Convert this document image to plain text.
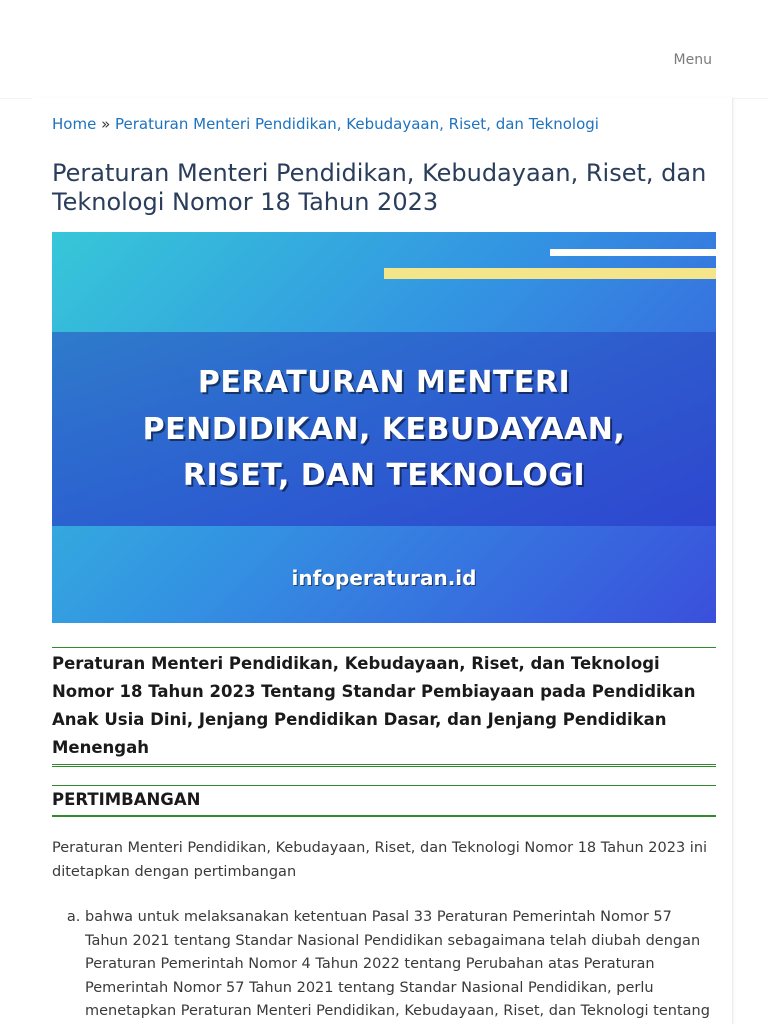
Menu
Home » Peraturan Menteri Pendidikan, Kebudayaan, Riset, dan Teknologi
Peraturan Menteri Pendidikan, Kebudayaan, Riset, dan Teknologi Nomor 18 Tahun 2023
PERATURAN MENTERI
PENDIDIKAN, KEBUDAYAAN,
RISET, DAN TEKNOLOGI
infoperaturan.id
Peraturan Menteri Pendidikan, Kebudayaan, Riset, dan Teknologi Nomor 18 Tahun 2023 Tentang Standar Pembiayaan pada Pendidikan Anak Usia Dini, Jenjang Pendidikan Dasar, dan Jenjang Pendidikan Menengah
PERTIMBANGAN

Peraturan Menteri Pendidikan, Kebudayaan, Riset, dan Teknologi Nomor 18 Tahun 2023 ini ditetapkan dengan pertimbangan

a. bahwa untuk melaksanakan ketentuan Pasal 33 Peraturan Pemerintah Nomor 57 Tahun 2021 tentang Standar Nasional Pendidikan sebagaimana telah diubah dengan Peraturan Pemerintah Nomor 4 Tahun 2022 tentang Perubahan atas Peraturan Pemerintah Nomor 57 Tahun 2021 tentang Standar Nasional Pendidikan, perlu menetapkan Peraturan Menteri Pendidikan, Kebudayaan, Riset, dan Teknologi tentang
